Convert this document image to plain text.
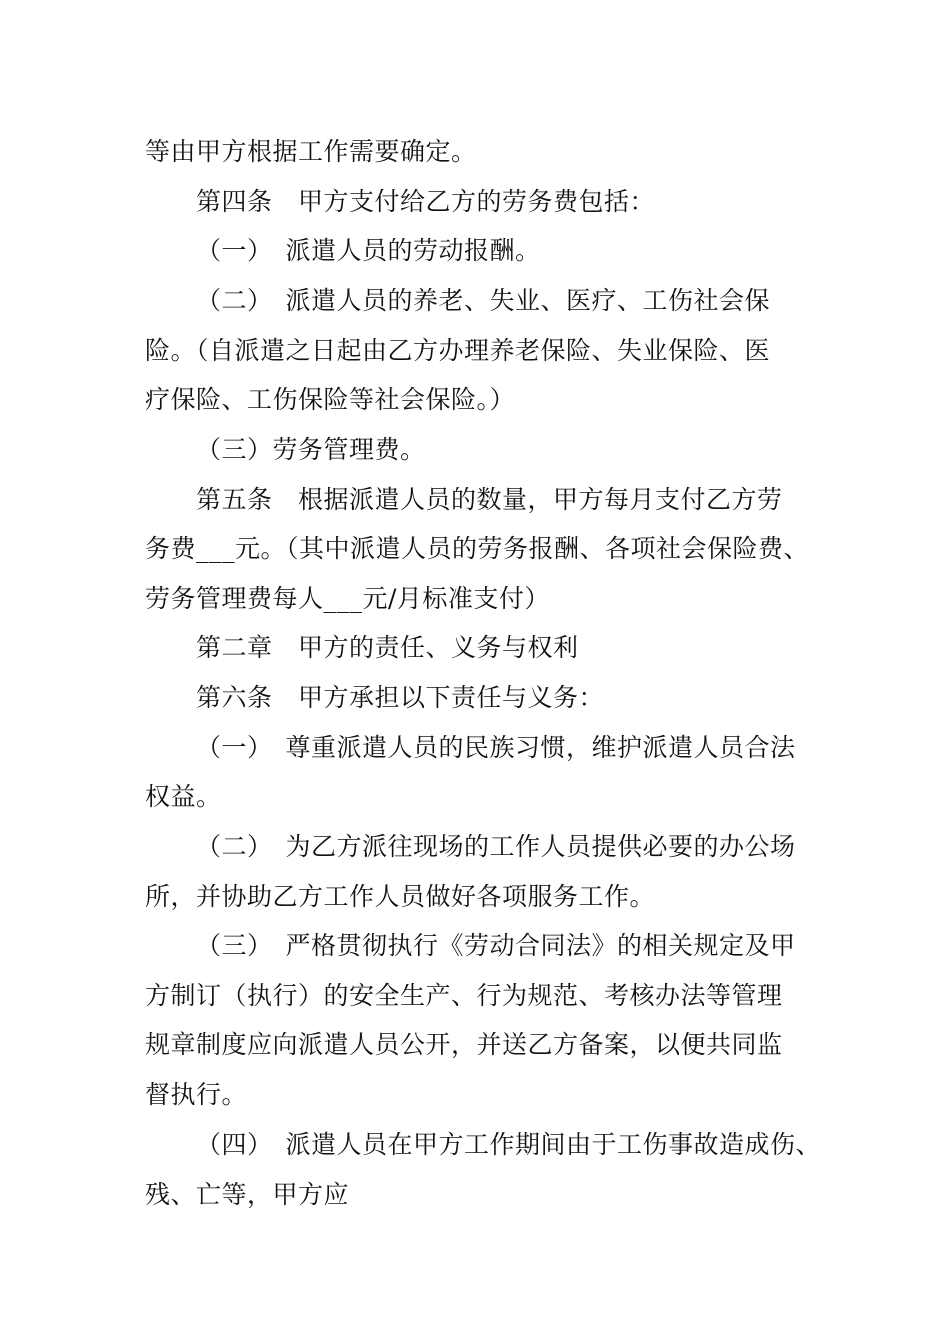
等由甲方根据工作需要确定。
第四条　甲方支付给乙方的劳务费包括：
（一）　派遣人员的劳动报酬。
（二）　派遣人员的养老、失业、医疗、工伤社会保
险。（自派遣之日起由乙方办理养老保险、失业保险、医
疗保险、工伤保险等社会保险。）
（三）劳务管理费。
第五条　根据派遣人员的数量，甲方每月支付乙方劳
务费___元。（其中派遣人员的劳务报酬、各项社会保险费、
劳务管理费每人___元/月标准支付）
第二章　甲方的责任、义务与权利
第六条　甲方承担以下责任与义务：
（一）　尊重派遣人员的民族习惯，维护派遣人员合法
权益。
（二）　为乙方派往现场的工作人员提供必要的办公场
所，并协助乙方工作人员做好各项服务工作。
（三）　严格贯彻执行《劳动合同法》的相关规定及甲
方制订（执行）的安全生产、行为规范、考核办法等管理
规章制度应向派遣人员公开，并送乙方备案，以便共同监
督执行。
（四）　派遣人员在甲方工作期间由于工伤事故造成伤、
残、亡等，甲方应
